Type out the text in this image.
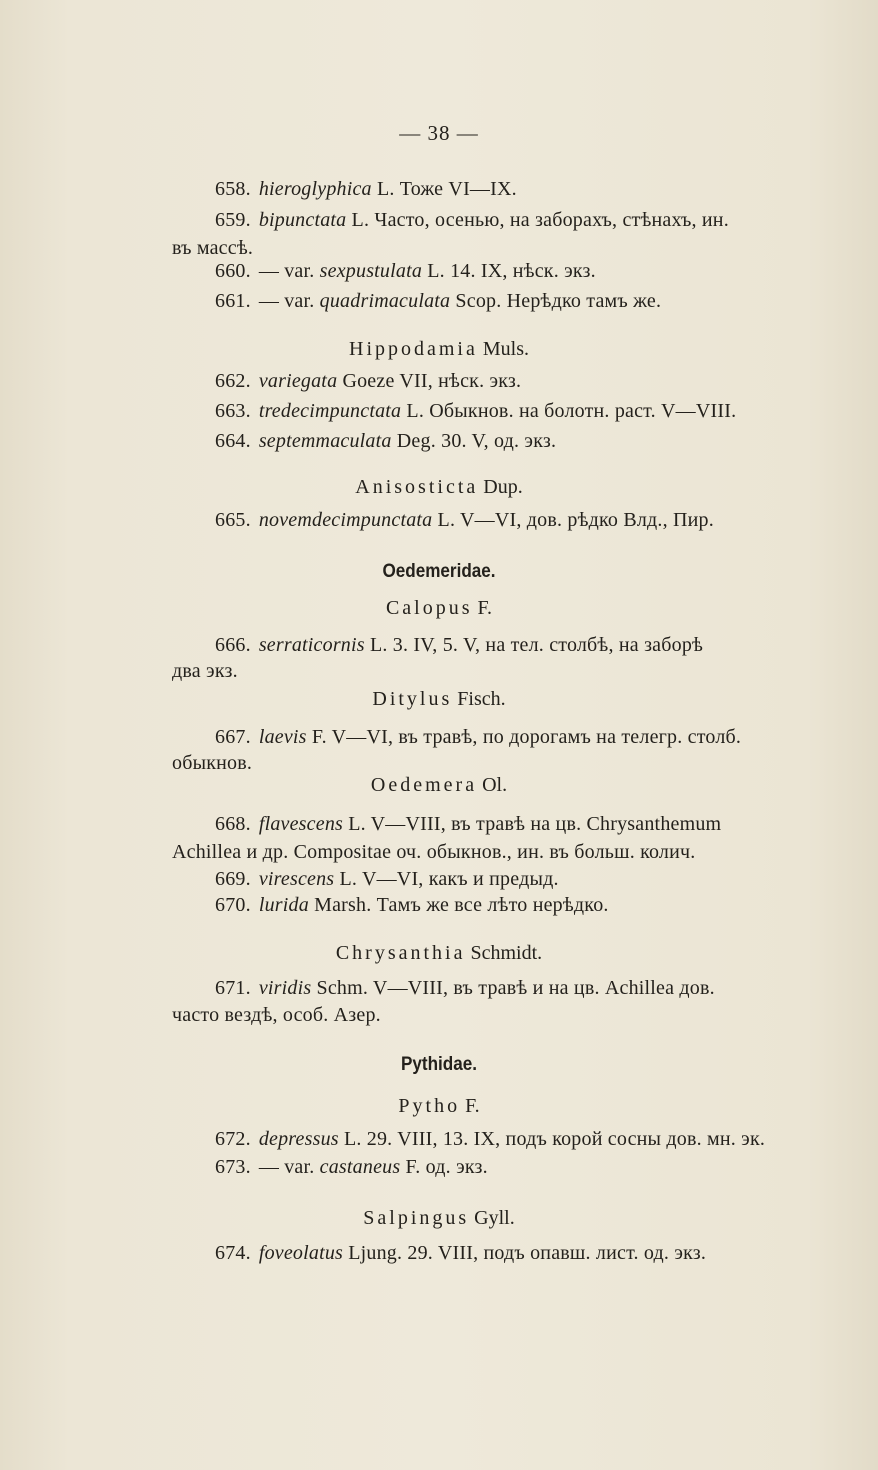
— 38 —
658. hieroglyphica L. Тоже VI—IX.
659. bipunctata L. Часто, осенью, на заборахъ, стѣнахъ, ин.
въ массѣ.
660. — var. sexpustulata L. 14. IX, нѣск. экз.
661. — var. quadrimaculata Scop. Нерѣдко тамъ же.
Hippodamia Muls.
662. variegata Goeze VII, нѣск. экз.
663. tredecimpunctata L. Обыкнов. на болотн. раст. V—VIII.
664. septemmaculata Deg. 30. V, од. экз.
Anisosticta Dup.
665. novemdecimpunctata L. V—VI, дов. рѣдко Влд., Пир.
Oedemeridae.
Calopus F.
666. serraticornis L. 3. IV, 5. V, на тел. столбѣ, на заборѣ
два экз.
Ditylus Fisch.
667. laevis F. V—VI, въ травѣ, по дорогамъ на телегр. столб.
обыкнов.
Oedemera Ol.
668. flavescens L. V—VIII, въ травѣ на цв. Chrysanthemum
Achillea и др. Compositae оч. обыкнов., ин. въ больш. колич.
669. virescens L. V—VI, какъ и предыд.
670. lurida Marsh. Тамъ же все лѣто нерѣдко.
Chrysanthia Schmidt.
671. viridis Schm. V—VIII, въ травѣ и на цв. Achillea дов.
часто вездѣ, особ. Азер.
Pythidae.
Pytho F.
672. depressus L. 29. VIII, 13. IX, подъ корой сосны дов. мн. эк.
673. — var. castaneus F. од. экз.
Salpingus Gyll.
674. foveolatus Ljung. 29. VIII, подъ опавш. лист. од. экз.
